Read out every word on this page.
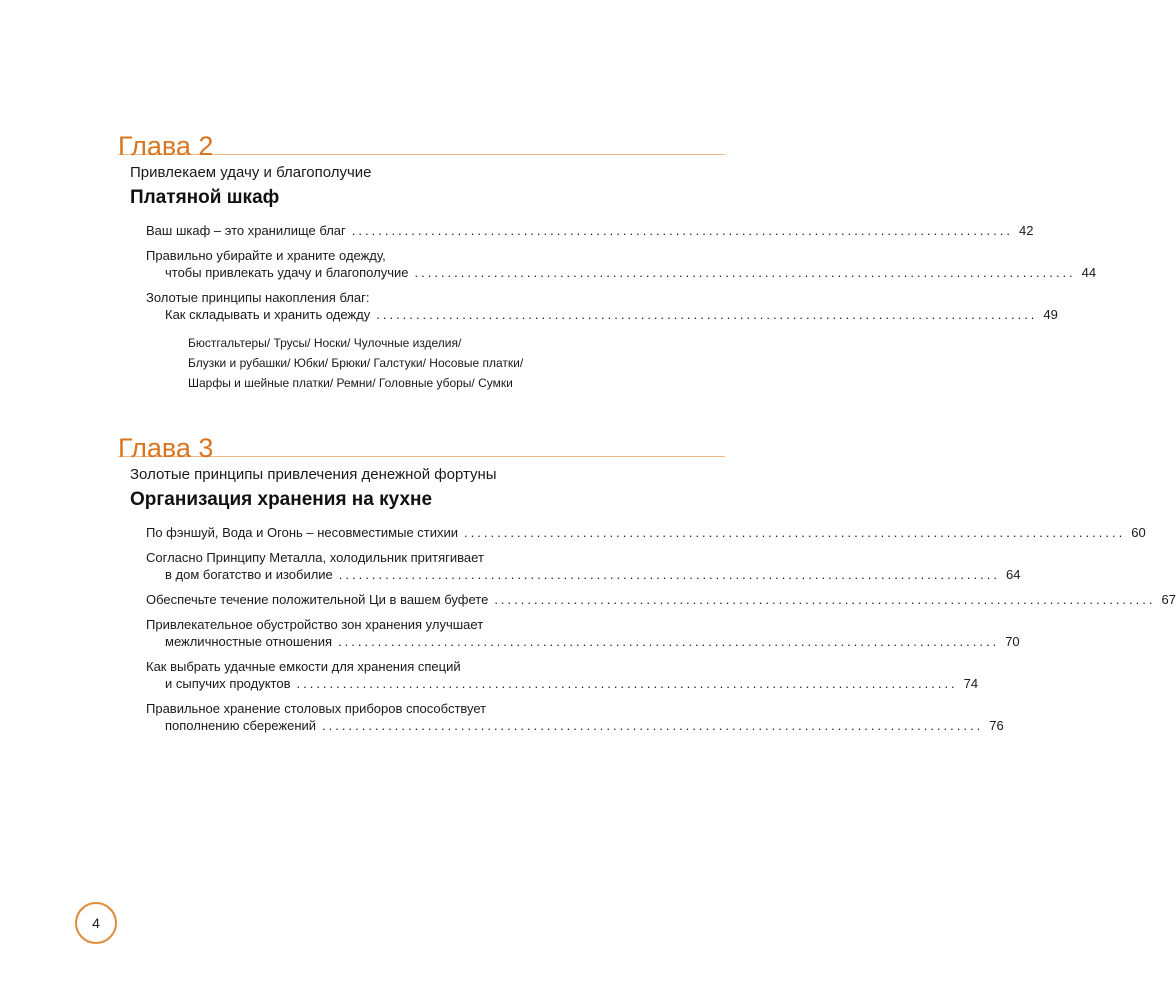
Глава 2
Привлекаем удачу и благополучие
Платяной шкаф
Ваш шкаф – это хранилище благ .................................................................................................... 42
Правильно убирайте и храните одежду,
чтобы привлекать удачу и благополучие .................................................................................................... 44
Золотые принципы накопления благ:
Как складывать и хранить одежду .................................................................................................... 49
Бюстгальтеры/ Трусы/ Носки/ Чулочные изделия/
Блузки и рубашки/ Юбки/ Брюки/ Галстуки/ Носовые платки/
Шарфы и шейные платки/ Ремни/ Головные уборы/ Сумки
Глава 3
Золотые принципы привлечения денежной фортуны
Организация хранения на кухне
По фэншуй, Вода и Огонь – несовместимые стихии .................................................................................................... 60
Согласно Принципу Металла, холодильник притягивает
в дом богатство и изобилие .................................................................................................... 64
Обеспечьте течение положительной Ци в вашем буфете .................................................................................................... 67
Привлекательное обустройство зон хранения улучшает
межличностные отношения .................................................................................................... 70
Как выбрать удачные емкости для хранения специй
и сыпучих продуктов .................................................................................................... 74
Правильное хранение столовых приборов способствует
пополнению сбережений .................................................................................................... 76
4
